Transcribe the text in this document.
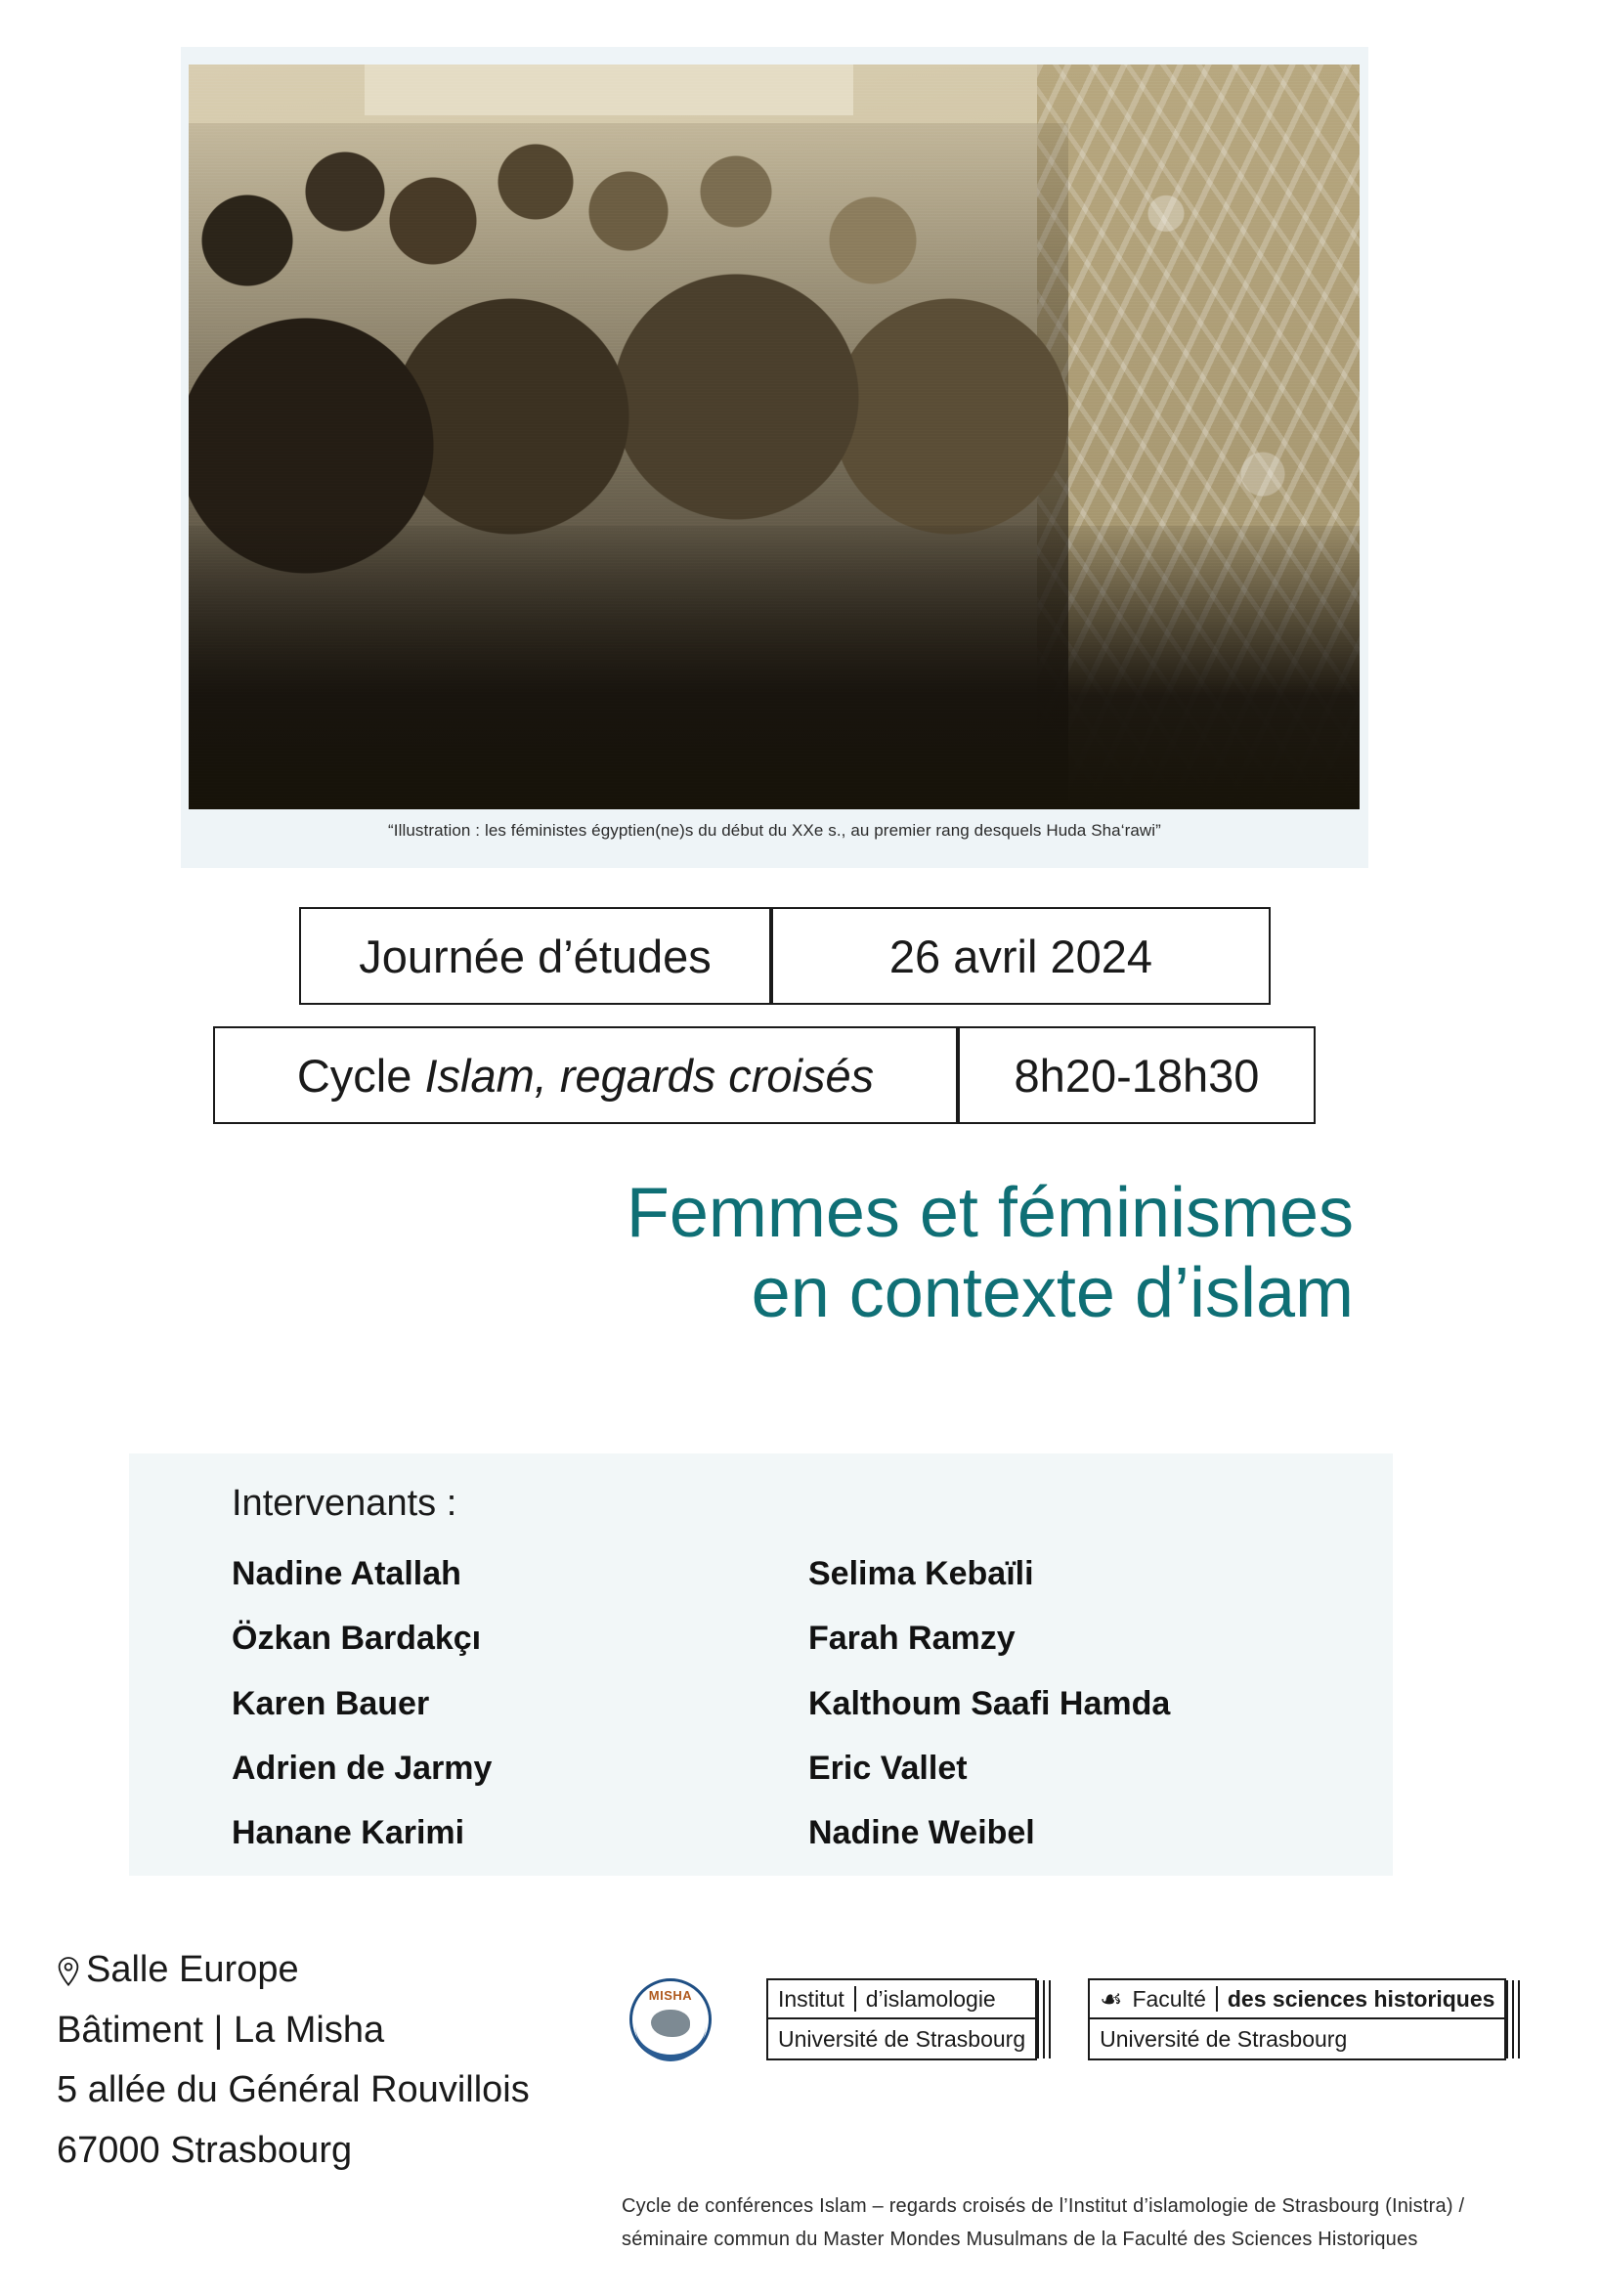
“Illustration : les féministes égyptien(ne)s du début du XXe s., au premier rang desquels Huda Sha‘rawi”
Journée d’études	26 avril 2024
Cycle Islam, regards croisés	8h20-18h30
Femmes et féminismes
en contexte d’islam
Intervenants :
Nadine Atallah
Özkan Bardakçı
Karen Bauer
Adrien de Jarmy
Hanane Karimi
Selima Kebaïli
Farah Ramzy
Kalthoum Saafi Hamda
Eric Vallet
Nadine Weibel
Salle Europe
Bâtiment | La Misha
5 allée du Général Rouvillois
67000 Strasbourg
MISHA	Institut d’islamologie
Université de Strasbourg
☙ Faculté des sciences historiques
Université de Strasbourg
Cycle de conférences Islam – regards croisés de l’Institut d’islamologie de Strasbourg (Inistra) /
séminaire commun du Master Mondes Musulmans de la Faculté des Sciences Historiques
